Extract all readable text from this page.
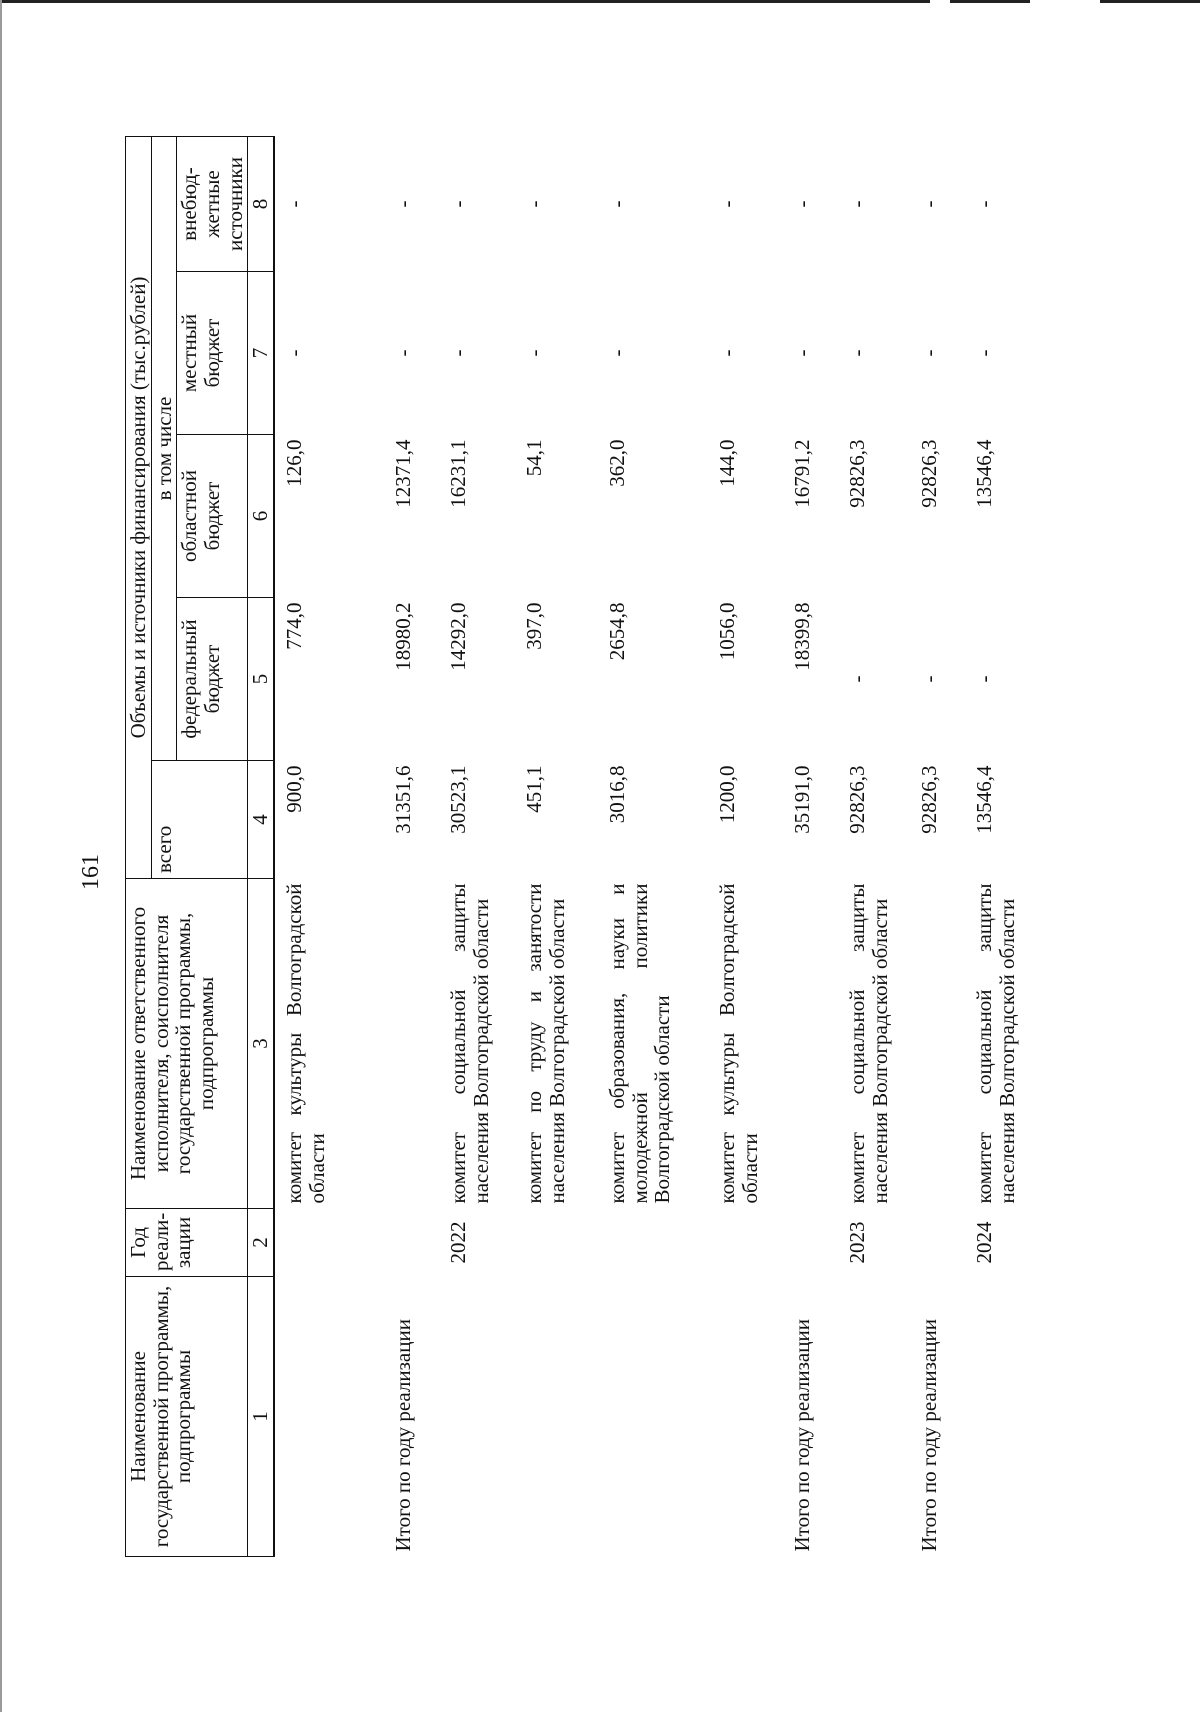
161
Наименование государственной программы, подпрограммы	Год реали-зации	Наименование ответственного исполнителя, соисполнителя государственной программы, подпрограммы	Объемы и источники финансирования (тыс.рублей)				
			всего	в том числе			
				федеральный бюджет	областной бюджет	местный бюджет	внебюд-жетные источники
1	2	3	4	5	6	7	8
		комитет культуры Волгоградской области	900,0	774,0	126,0	-	-
Итого по году реализации			31351,6	18980,2	12371,4	-	-
	2022	комитет социальной защиты населения Волгоградской области	30523,1	14292,0	16231,1	-	-
		комитет по труду и занятости населения Волгоградской области	451,1	397,0	54,1	-	-
		комитет образования, науки и молодежной политики Волгоградской области	3016,8	2654,8	362,0	-	-
		комитет культуры Волгоградской области	1200,0	1056,0	144,0	-	-
Итого по году реализации			35191,0	18399,8	16791,2	-	-
	2023	комитет социальной защиты населения Волгоградской области	92826,3	-	92826,3	-	-
Итого по году реализации			92826,3	-	92826,3	-	-
	2024	комитет социальной защиты населения Волгоградской области	13546,4	-	13546,4	-	-
